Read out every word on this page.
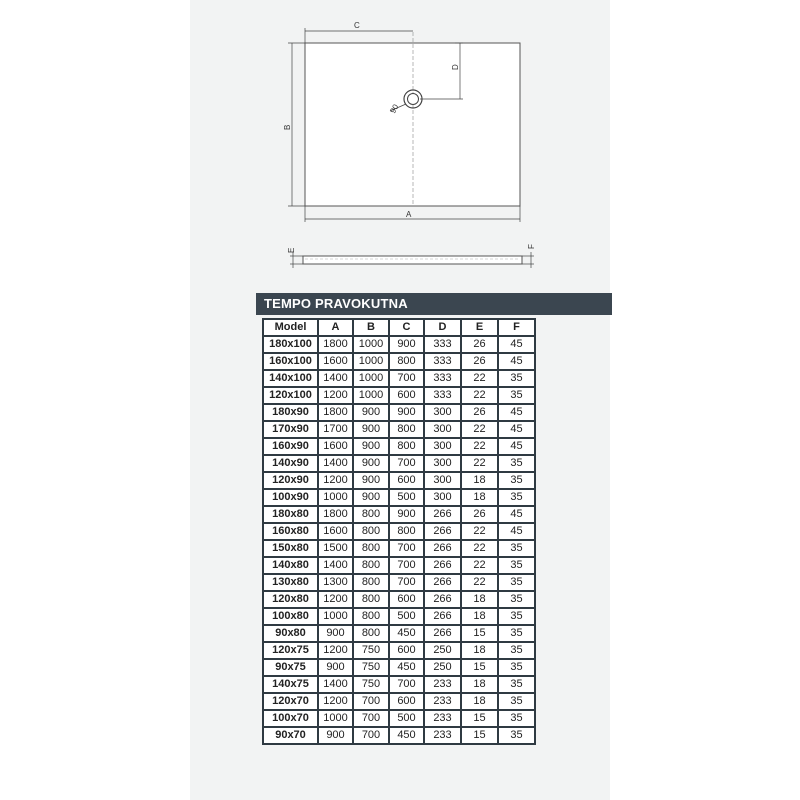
90
C
D
B
A
E
F
TEMPO PRAVOKUTNA
Model	A	B	C	D	E	F
180x100	1800	1000	900	333	26	45
160x100	1600	1000	800	333	26	45
140x100	1400	1000	700	333	22	35
120x100	1200	1000	600	333	22	35
180x90	1800	900	900	300	26	45
170x90	1700	900	800	300	22	45
160x90	1600	900	800	300	22	45
140x90	1400	900	700	300	22	35
120x90	1200	900	600	300	18	35
100x90	1000	900	500	300	18	35
180x80	1800	800	900	266	26	45
160x80	1600	800	800	266	22	45
150x80	1500	800	700	266	22	35
140x80	1400	800	700	266	22	35
130x80	1300	800	700	266	22	35
120x80	1200	800	600	266	18	35
100x80	1000	800	500	266	18	35
90x80	900	800	450	266	15	35
120x75	1200	750	600	250	18	35
90x75	900	750	450	250	15	35
140x75	1400	750	700	233	18	35
120x70	1200	700	600	233	18	35
100x70	1000	700	500	233	15	35
90x70	900	700	450	233	15	35
